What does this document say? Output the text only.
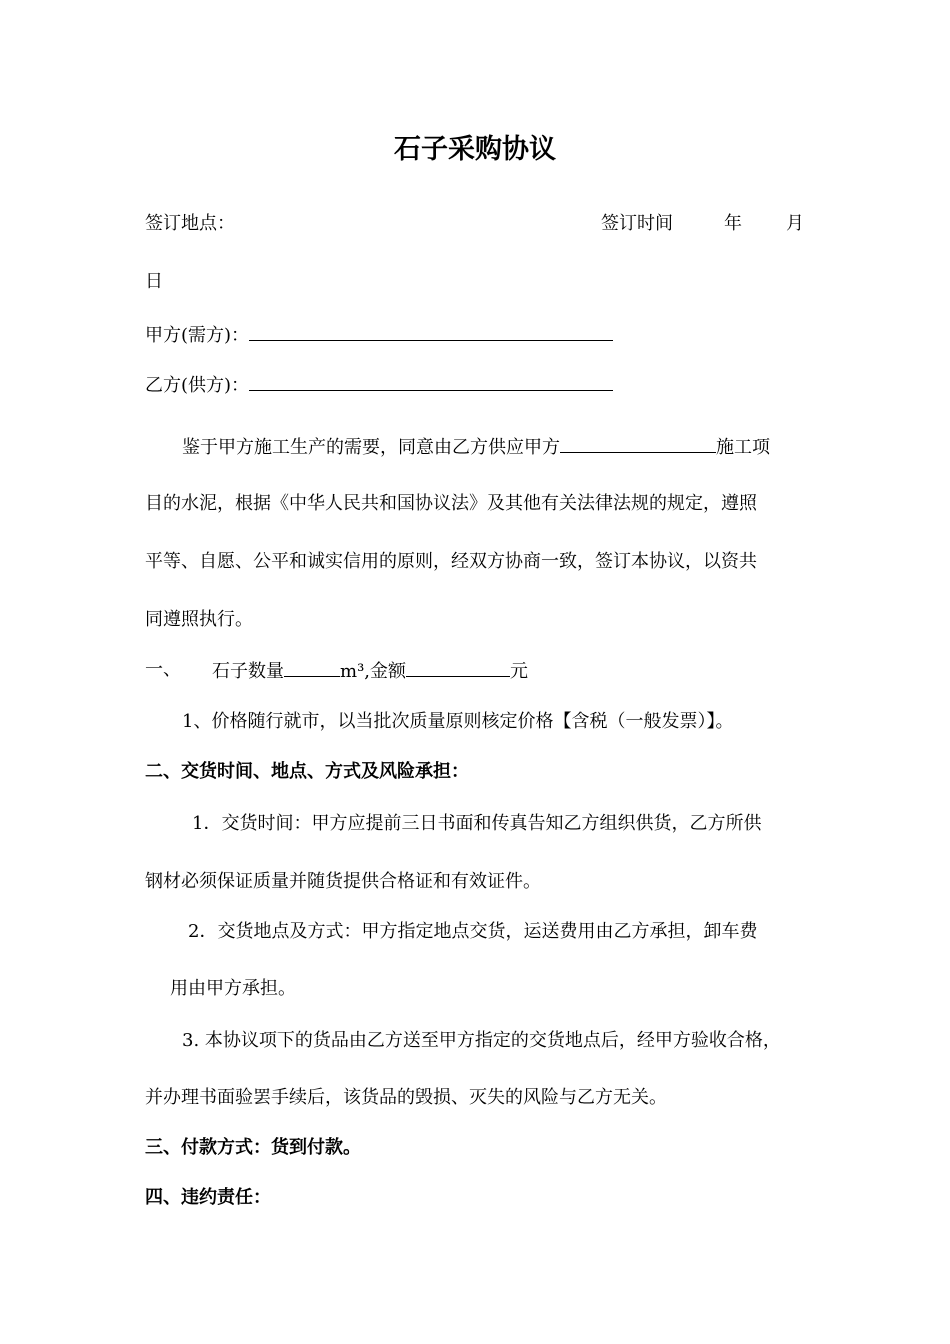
石子采购协议
签订地点：	签订时间	年 月
日
甲方(需方)：
乙方(供方)：
鉴于甲方施工生产的需要，同意由乙方供应甲方	施工项
目的水泥，根据《中华人民共和国协议法》及其他有关法律法规的规定，遵照
平等、自愿、公平和诚实信用的原则，经双方协商一致，签订本协议，以资共
同遵照执行。
一、 石子数量	m³,金额	元
1、价格随行就市，以当批次质量原则核定价格【含税（一般发票）】。
二、交货时间、地点、方式及风险承担：
1．交货时间：甲方应提前三日书面和传真告知乙方组织供货，乙方所供
钢材必须保证质量并随货提供合格证和有效证件。
2．交货地点及方式：甲方指定地点交货，运送费用由乙方承担，卸车费
用由甲方承担。
3. 本协议项下的货品由乙方送至甲方指定的交货地点后，经甲方验收合格，
并办理书面验罢手续后，该货品的毁损、灭失的风险与乙方无关。
三、付款方式：货到付款。
四、违约责任：
